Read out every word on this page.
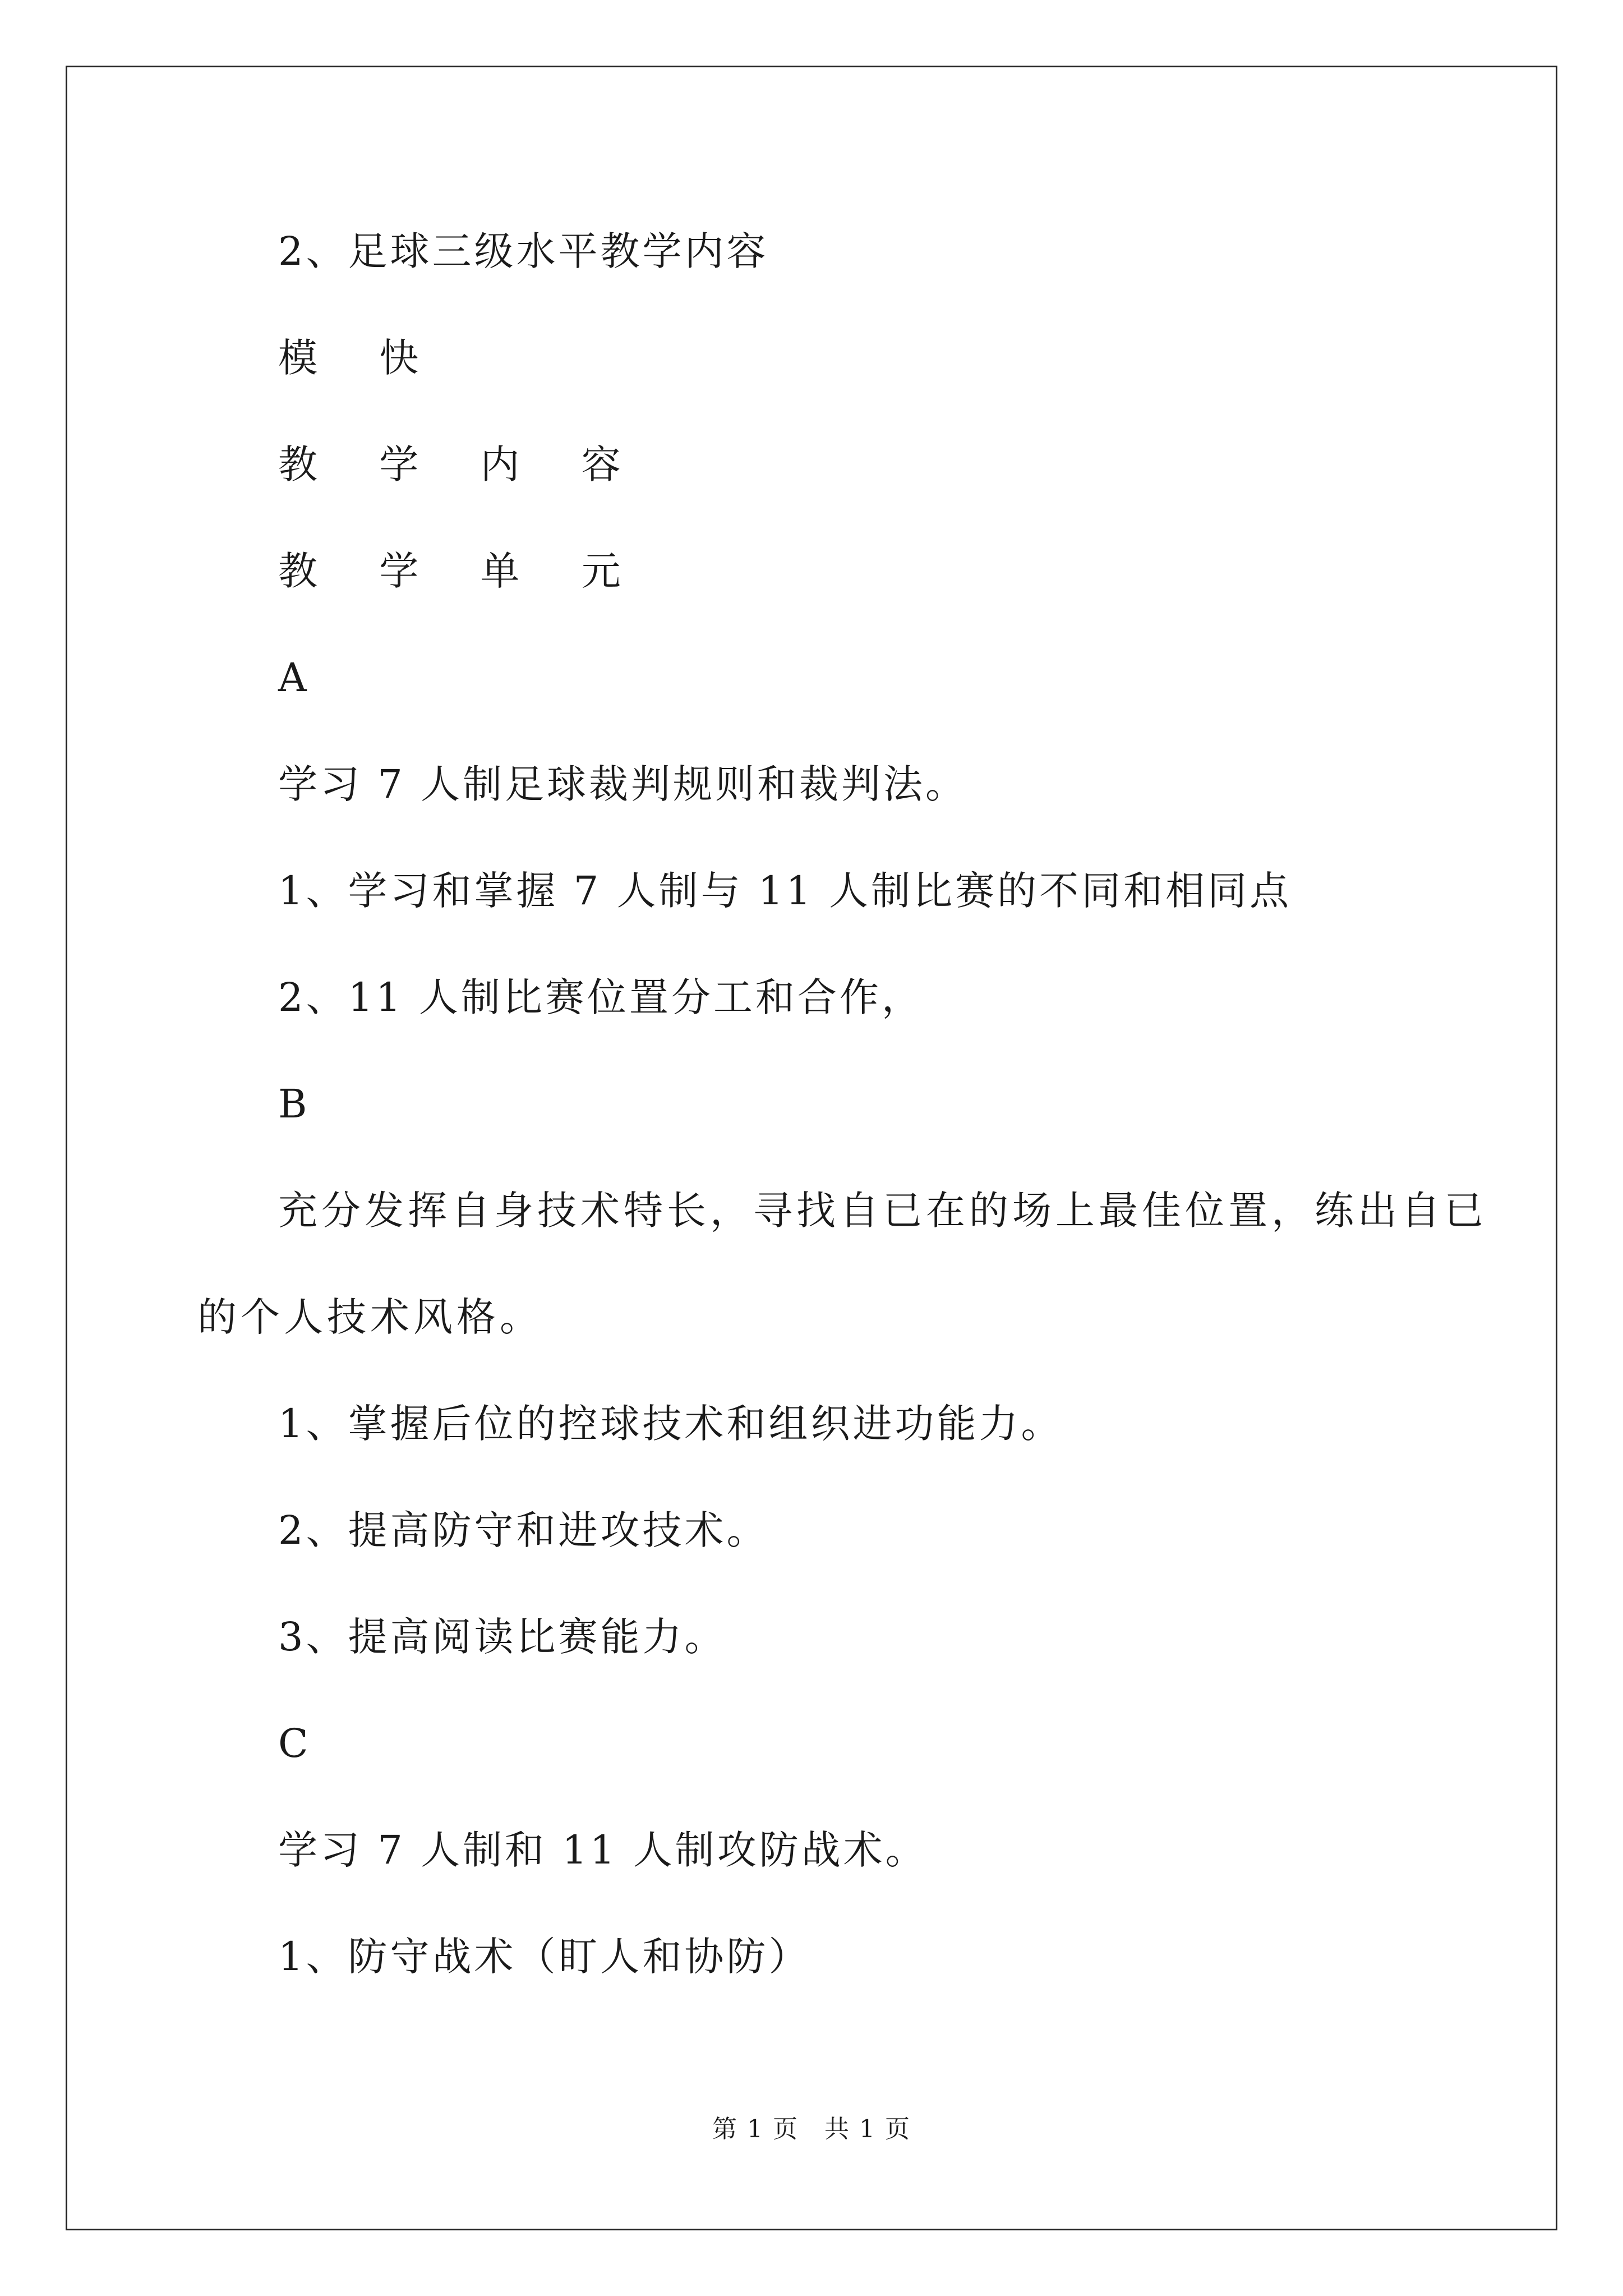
2、足球三级水平教学内容
模 快
教 学 内 容
教 学 单 元
A
学习 7 人制足球裁判规则和裁判法。
1、学习和掌握 7 人制与 11 人制比赛的不同和相同点
2、11 人制比赛位置分工和合作，
B
充分发挥自身技术特长，寻找自已在的场上最佳位置，练出自已
的个人技术风格。
1、掌握后位的控球技术和组织进功能力。
2、提高防守和进攻技术。
3、提高阅读比赛能力。
C
学习 7 人制和 11 人制攻防战术。
1、防守战术（盯人和协防）
第 1 页　共 1 页
